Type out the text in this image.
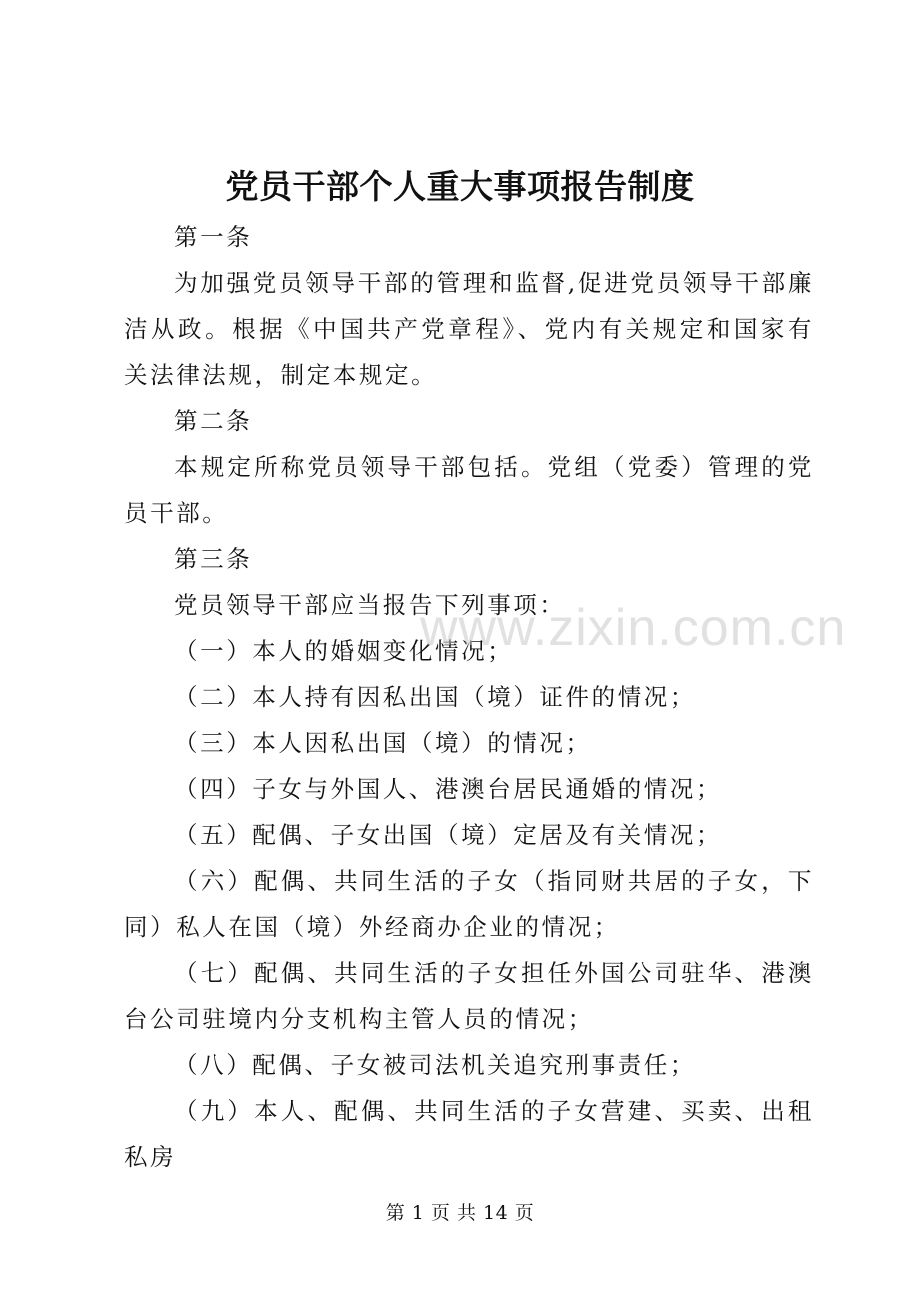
党员干部个人重大事项报告制度

第一条

为加强党员领导干部的管理和监督,促进党员领导干部廉洁从政。根据《中国共产党章程》、党内有关规定和国家有关法律法规，制定本规定。

第二条

本规定所称党员领导干部包括。党组（党委）管理的党员干部。

第三条

党员领导干部应当报告下列事项：

（一）本人的婚姻变化情况；

（二）本人持有因私出国（境）证件的情况；

（三）本人因私出国（境）的情况；

（四）子女与外国人、港澳台居民通婚的情况；

（五）配偶、子女出国（境）定居及有关情况；

（六）配偶、共同生活的子女（指同财共居的子女，下同）私人在国（境）外经商办企业的情况；

（七）配偶、共同生活的子女担任外国公司驻华、港澳台公司驻境内分支机构主管人员的情况；

（八）配偶、子女被司法机关追究刑事责任；

（九）本人、配偶、共同生活的子女营建、买卖、出租私房

www.zixin.com.cn
第 1 页 共 14 页
